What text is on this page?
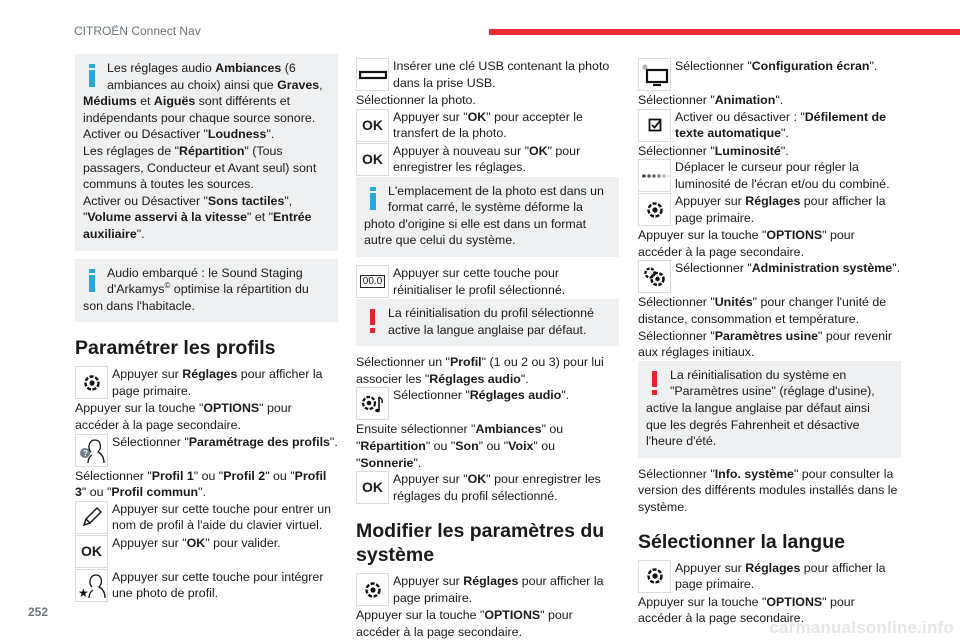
CITROËN Connect Nav
Les réglages audio Ambiances (6 ambiances au choix) ainsi que Graves, Médiums et Aiguës sont différents et indépendants pour chaque source sonore.
Activer ou Désactiver "Loudness".
Les réglages de "Répartition" (Tous passagers, Conducteur et Avant seul) sont communs à toutes les sources.
Activer ou Désactiver "Sons tactiles", "Volume asservi à la vitesse" et "Entrée auxiliaire".
Audio embarqué : le Sound Staging d'Arkamys© optimise la répartition du son dans l'habitacle.
Paramétrer les profils
Appuyer sur Réglages pour afficher la page primaire.

Appuyer sur la touche "OPTIONS" pour accéder à la page secondaire.

?
Sélectionner "Paramétrage des profils".

Sélectionner "Profil 1" ou "Profil 2" ou "Profil 3" ou "Profil commun".

Appuyer sur cette touche pour entrer un nom de profil à l'aide du clavier virtuel.
OK
Appuyer sur "OK" pour valider.
★
Appuyer sur cette touche pour intégrer une photo de profil.
Insérer une clé USB contenant la photo dans la prise USB.

Sélectionner la photo.

OK
Appuyer sur "OK" pour accepter le transfert de la photo.
OK
Appuyer à nouveau sur "OK" pour enregistrer les réglages.
L'emplacement de la photo est dans un format carré, le système déforme la photo d'origine si elle est dans un format autre que celui du système.
00.0
Appuyer sur cette touche pour réinitialiser le profil sélectionné.
La réinitialisation du profil sélectionné active la langue anglaise par défaut.

Sélectionner un "Profil" (1 ou 2 ou 3) pour lui associer les "Réglages audio".

Sélectionner "Réglages audio".

Ensuite sélectionner "Ambiances" ou "Répartition" ou "Son" ou "Voix" ou "Sonnerie".

OK
Appuyer sur "OK" pour enregistrer les réglages du profil sélectionné.
Modifier les paramètres du système
Appuyer sur Réglages pour afficher la page primaire.

Appuyer sur la touche "OPTIONS" pour accéder à la page secondaire.

Sélectionner "Configuration écran".

Sélectionner "Animation".

Activer ou désactiver : "Défilement de texte automatique".

Sélectionner "Luminosité".

Déplacer le curseur pour régler la luminosité de l'écran et/ou du combiné.
Appuyer sur Réglages pour afficher la page primaire.

Appuyer sur la touche "OPTIONS" pour accéder à la page secondaire.

Sélectionner "Administration système".

Sélectionner "Unités" pour changer l'unité de distance, consommation et température.

Sélectionner "Paramètres usine" pour revenir aux réglages initiaux.

La réinitialisation du système en "Paramètres usine" (réglage d'usine), active la langue anglaise par défaut ainsi que les degrés Fahrenheit et désactive l'heure d'été.

Sélectionner "Info. système" pour consulter la version des différents modules installés dans le système.

Sélectionner la langue
Appuyer sur Réglages pour afficher la page primaire.

Appuyer sur la touche "OPTIONS" pour accéder à la page secondaire.

252
carmanualsonline.info
